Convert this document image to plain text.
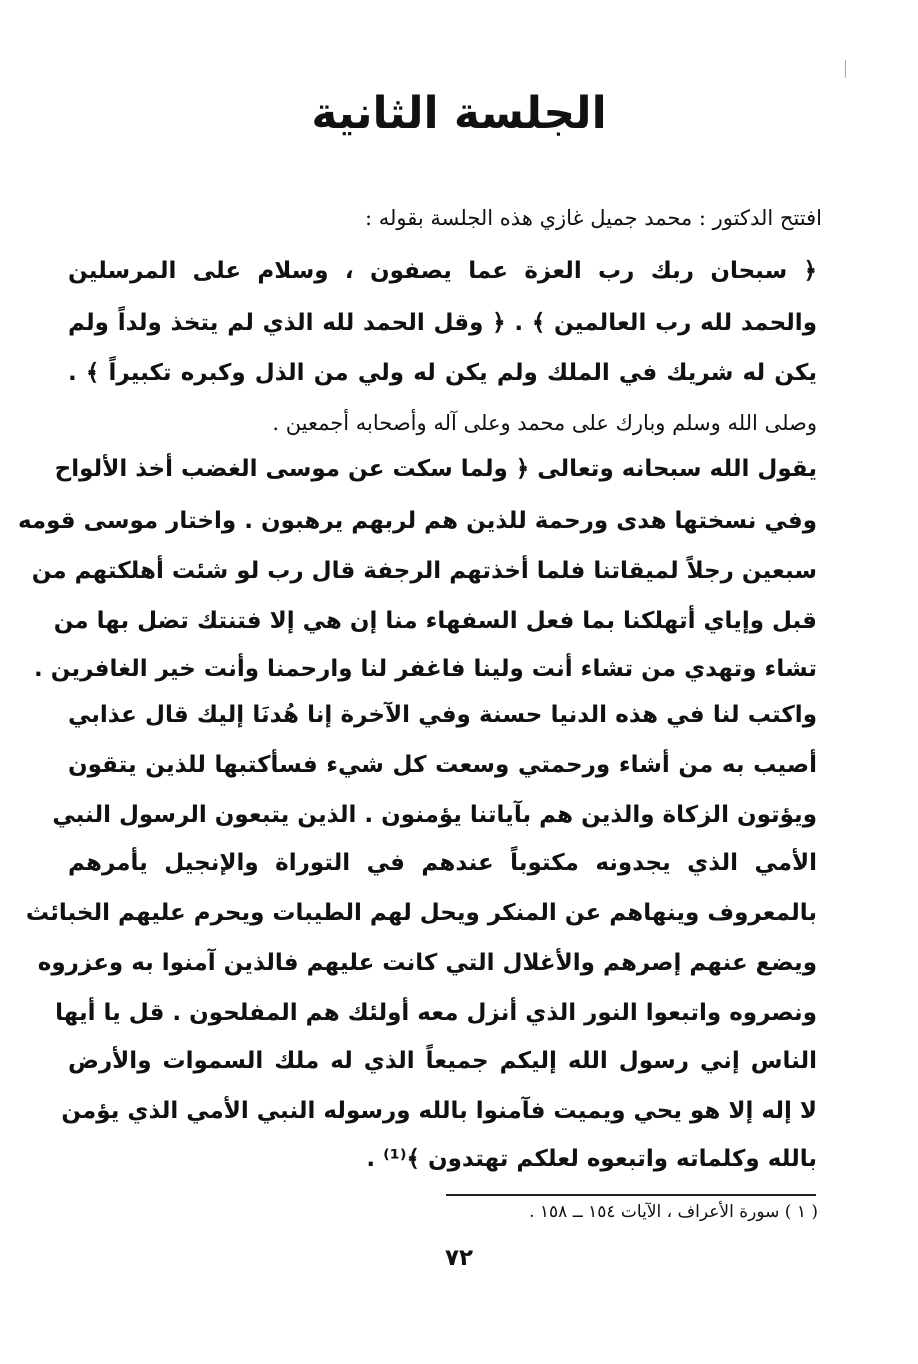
الجلسة الثانية
افتتح الدكتور : محمد جميل غازي هذه الجلسة بقوله :
﴿ سبحان ربك رب العزة عما يصفون ، وسلام على المرسلين
والحمد لله رب العالمين ﴾ . ﴿ وقل الحمد لله الذي لم يتخذ ولداً ولم
يكن له شريك في الملك ولم يكن له ولي من الذل وكبره تكبيراً ﴾ .
وصلى الله وسلم وبارك على محمد وعلى آله وأصحابه أجمعين .
يقول الله سبحانه وتعالى ﴿ ولما سكت عن موسى الغضب أخذ الألواح
وفي نسختها هدى ورحمة للذين هم لربهم يرهبون . واختار موسى قومه
سبعين رجلاً لميقاتنا فلما أخذتهم الرجفة قال رب لو شئت أهلكتهم من
قبل وإياي أتهلكنا بما فعل السفهاء منا إن هي إلا فتنتك تضل بها من
تشاء وتهدي من تشاء أنت ولينا فاغفر لنا وارحمنا وأنت خير الغافرين .
واكتب لنا في هذه الدنيا حسنة وفي الآخرة إنا هُدنَا إليك قال عذابي
أصيب به من أشاء ورحمتي وسعت كل شيء فسأكتبها للذين يتقون
ويؤتون الزكاة والذين هم بآياتنا يؤمنون . الذين يتبعون الرسول النبي
الأمي الذي يجدونه مكتوباً عندهم في التوراة والإنجيل يأمرهم
بالمعروف وينهاهم عن المنكر ويحل لهم الطيبات ويحرم عليهم الخبائث
ويضع عنهم إصرهم والأغلال التي كانت عليهم فالذين آمنوا به وعزروه
ونصروه واتبعوا النور الذي أنزل معه أولئك هم المفلحون . قل يا أيها
الناس إني رسول الله إليكم جميعاً الذي له ملك السموات والأرض
لا إله إلا هو يحي ويميت فآمنوا بالله ورسوله النبي الأمي الذي يؤمن
بالله وكلماته واتبعوه لعلكم تهتدون ﴾⁽¹⁾ .
( ١ ) سورة الأعراف ، الآيات ١٥٤ ــ ١٥٨ .
٧٢
